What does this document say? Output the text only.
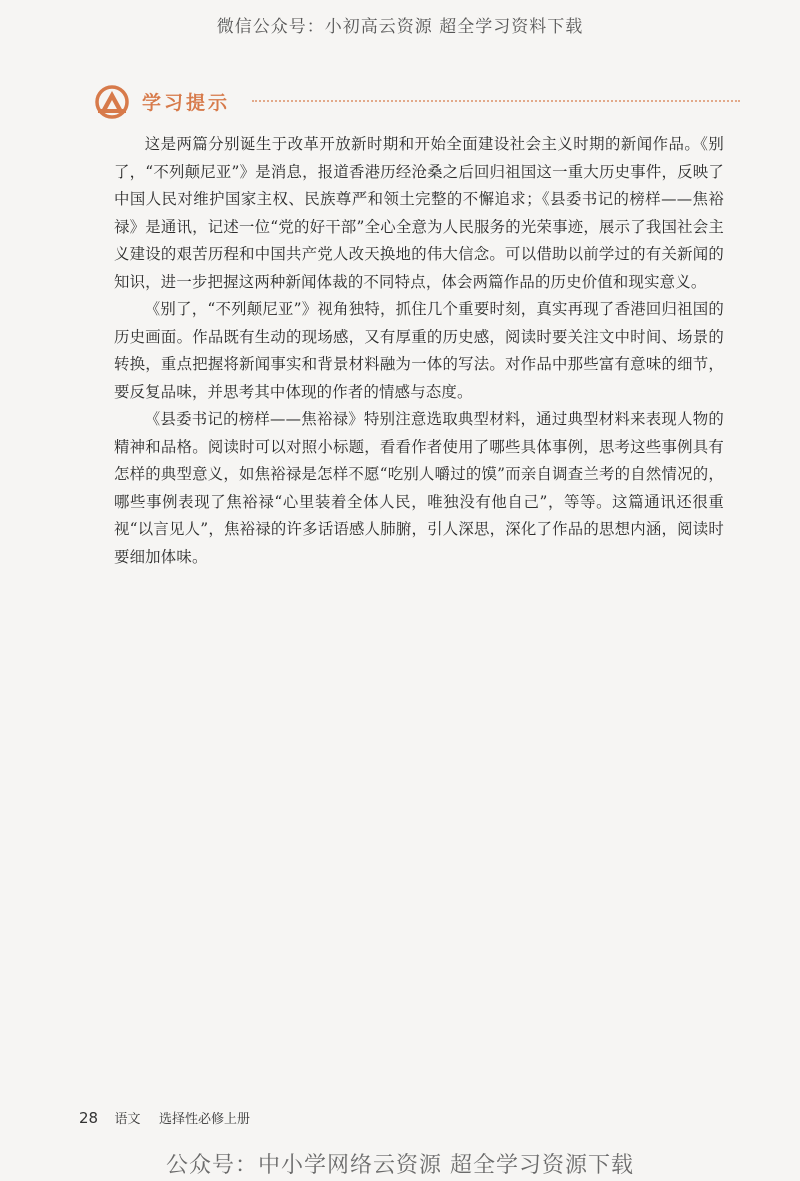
微信公众号：小初高云资源 超全学习资料下载
学习提示

这是两篇分别诞生于改革开放新时期和开始全面建设社会主义时期的新闻作品。《别了，“不列颠尼亚”》是消息，报道香港历经沧桑之后回归祖国这一重大历史事件，反映了中国人民对维护国家主权、民族尊严和领土完整的不懈追求；《县委书记的榜样——焦裕禄》是通讯，记述一位“党的好干部”全心全意为人民服务的光荣事迹，展示了我国社会主义建设的艰苦历程和中国共产党人改天换地的伟大信念。可以借助以前学过的有关新闻的知识，进一步把握这两种新闻体裁的不同特点，体会两篇作品的历史价值和现实意义。

《别了，“不列颠尼亚”》视角独特，抓住几个重要时刻，真实再现了香港回归祖国的历史画面。作品既有生动的现场感，又有厚重的历史感，阅读时要关注文中时间、场景的转换，重点把握将新闻事实和背景材料融为一体的写法。对作品中那些富有意味的细节，要反复品味，并思考其中体现的作者的情感与态度。

《县委书记的榜样——焦裕禄》特别注意选取典型材料，通过典型材料来表现人物的精神和品格。阅读时可以对照小标题，看看作者使用了哪些具体事例，思考这些事例具有怎样的典型意义，如焦裕禄是怎样不愿“吃别人嚼过的馍”而亲自调查兰考的自然情况的，哪些事例表现了焦裕禄“心里装着全体人民，唯独没有他自己”，等等。这篇通讯还很重视“以言见人”，焦裕禄的许多话语感人肺腑，引人深思，深化了作品的思想内涵，阅读时要细加体味。

28 语文 选择性必修上册
公众号：中小学网络云资源 超全学习资源下载
